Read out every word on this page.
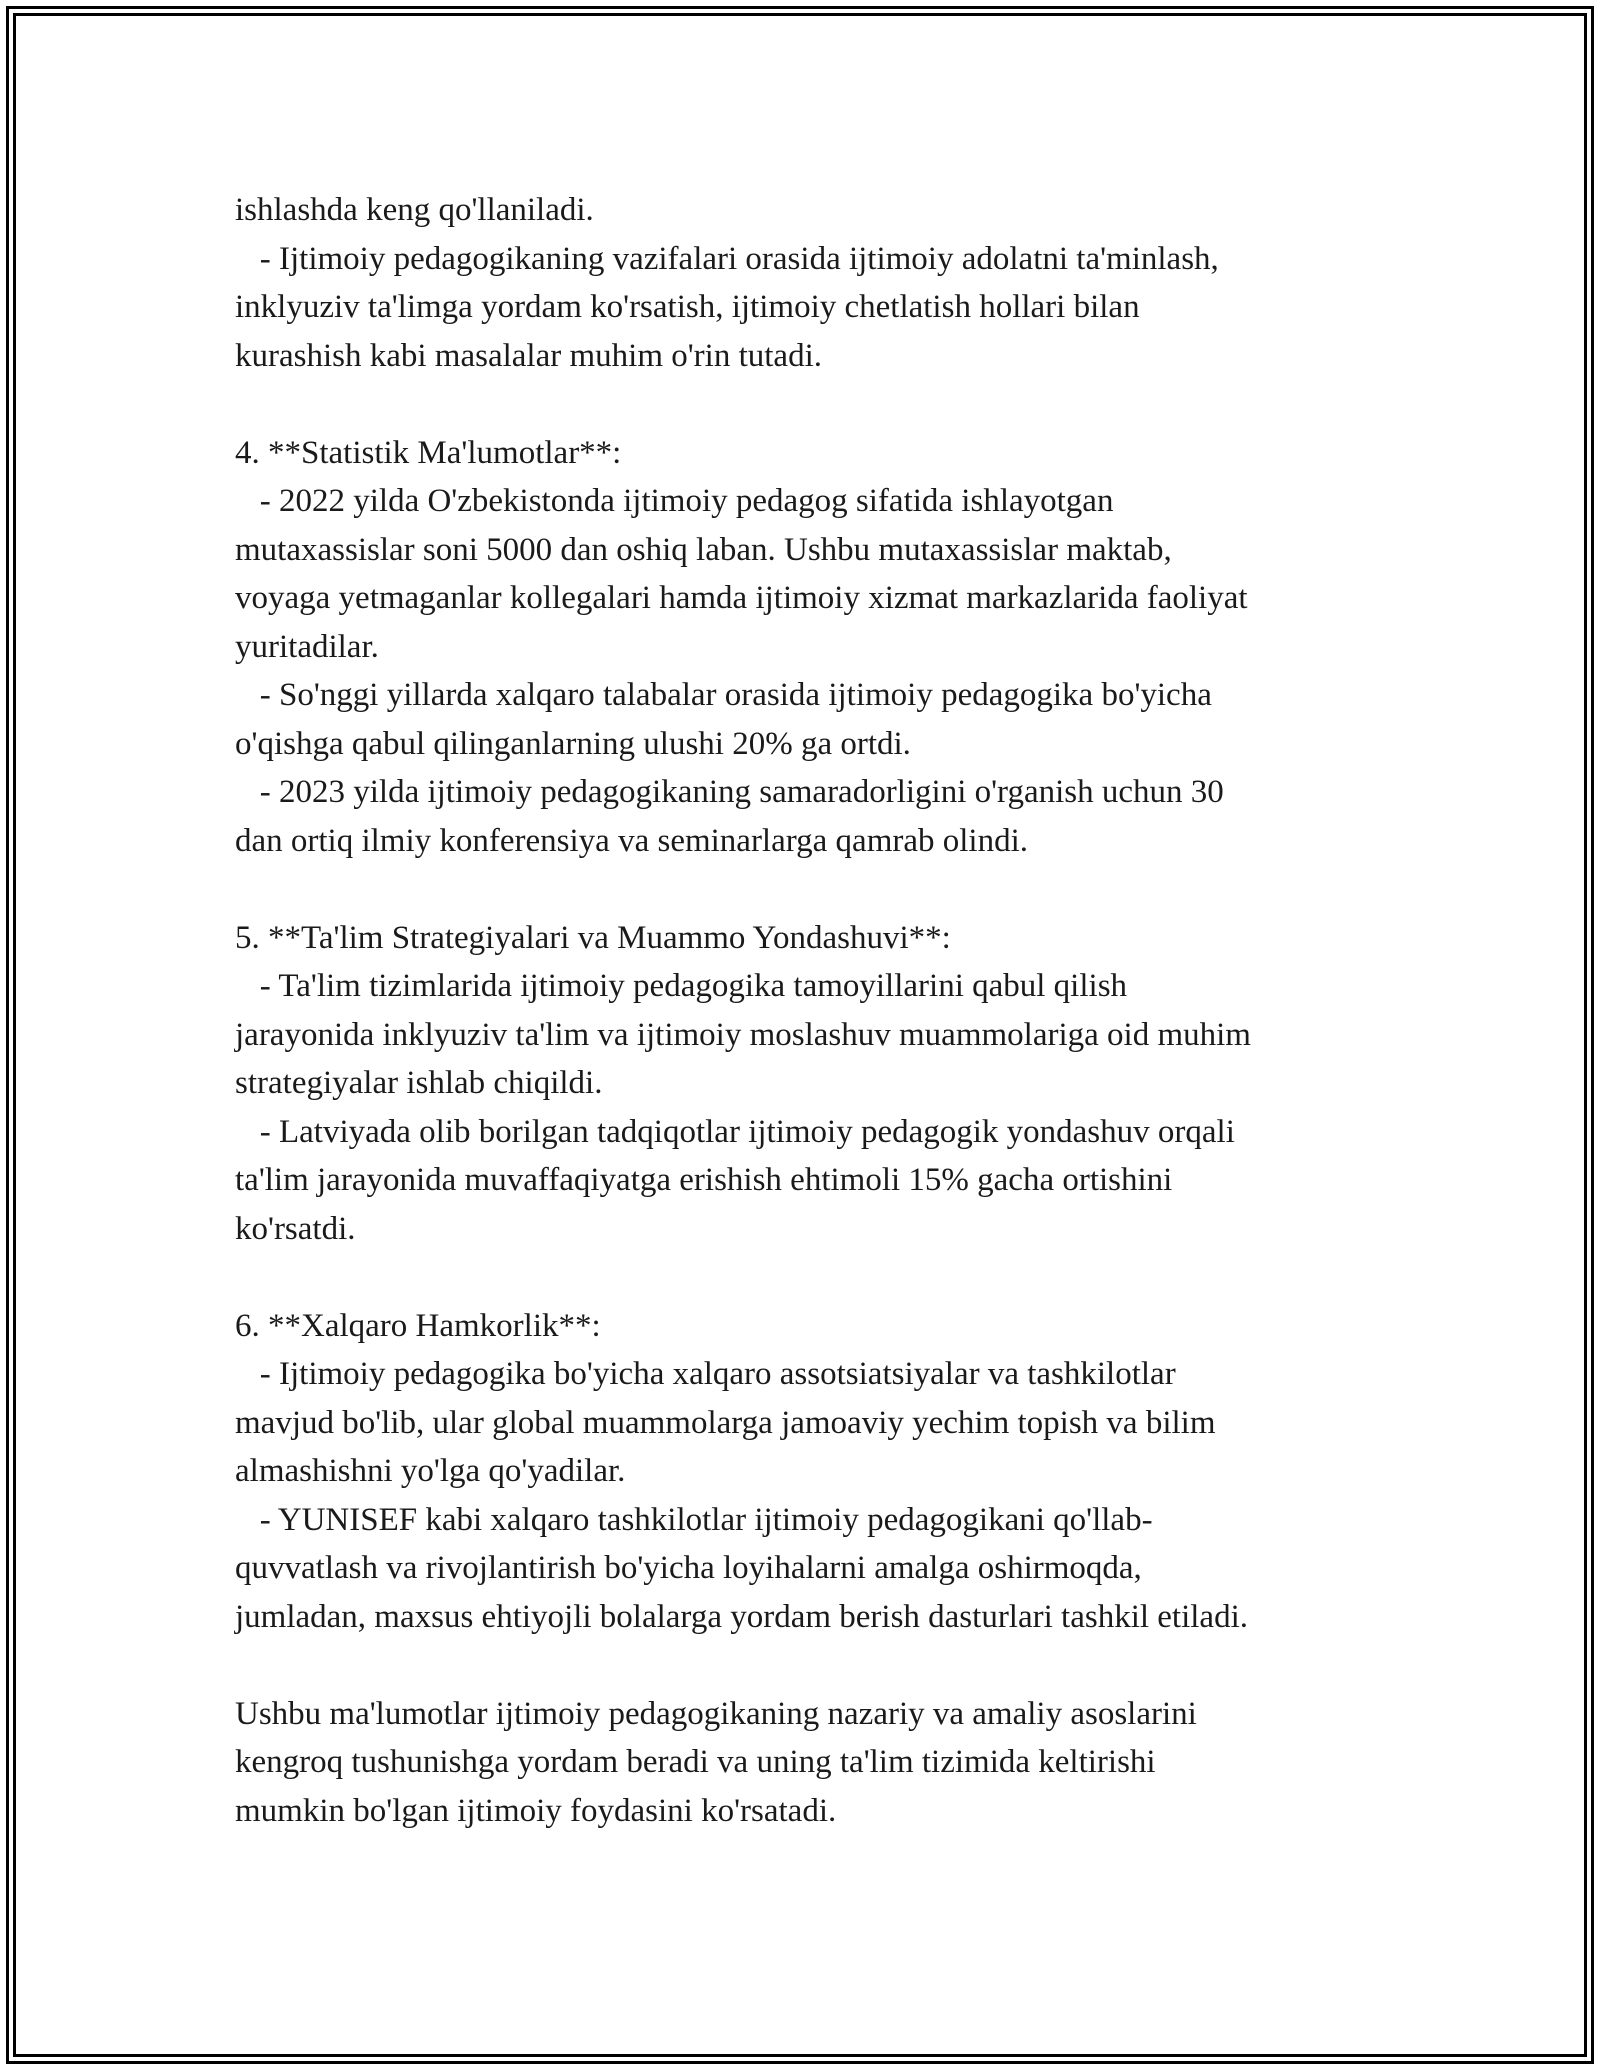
ishlashda keng qo'llaniladi.
- Ijtimoiy pedagogikaning vazifalari orasida ijtimoiy adolatni ta'minlash,
inklyuziv ta'limga yordam ko'rsatish, ijtimoiy chetlatish hollari bilan
kurashish kabi masalalar muhim o'rin tutadi.
4. **Statistik Ma'lumotlar**:
- 2022 yilda O'zbekistonda ijtimoiy pedagog sifatida ishlayotgan
mutaxassislar soni 5000 dan oshiq laban. Ushbu mutaxassislar maktab,
voyaga yetmaganlar kollegalari hamda ijtimoiy xizmat markazlarida faoliyat
yuritadilar.
- So'nggi yillarda xalqaro talabalar orasida ijtimoiy pedagogika bo'yicha
o'qishga qabul qilinganlarning ulushi 20% ga ortdi.
- 2023 yilda ijtimoiy pedagogikaning samaradorligini o'rganish uchun 30
dan ortiq ilmiy konferensiya va seminarlarga qamrab olindi.
5. **Ta'lim Strategiyalari va Muammo Yondashuvi**:
- Ta'lim tizimlarida ijtimoiy pedagogika tamoyillarini qabul qilish
jarayonida inklyuziv ta'lim va ijtimoiy moslashuv muammolariga oid muhim
strategiyalar ishlab chiqildi.
- Latviyada olib borilgan tadqiqotlar ijtimoiy pedagogik yondashuv orqali
ta'lim jarayonida muvaffaqiyatga erishish ehtimoli 15% gacha ortishini
ko'rsatdi.
6. **Xalqaro Hamkorlik**:
- Ijtimoiy pedagogika bo'yicha xalqaro assotsiatsiyalar va tashkilotlar
mavjud bo'lib, ular global muammolarga jamoaviy yechim topish va bilim
almashishni yo'lga qo'yadilar.
- YUNISEF kabi xalqaro tashkilotlar ijtimoiy pedagogikani qo'llab-
quvvatlash va rivojlantirish bo'yicha loyihalarni amalga oshirmoqda,
jumladan, maxsus ehtiyojli bolalarga yordam berish dasturlari tashkil etiladi.
Ushbu ma'lumotlar ijtimoiy pedagogikaning nazariy va amaliy asoslarini
kengroq tushunishga yordam beradi va uning ta'lim tizimida keltirishi
mumkin bo'lgan ijtimoiy foydasini ko'rsatadi.
